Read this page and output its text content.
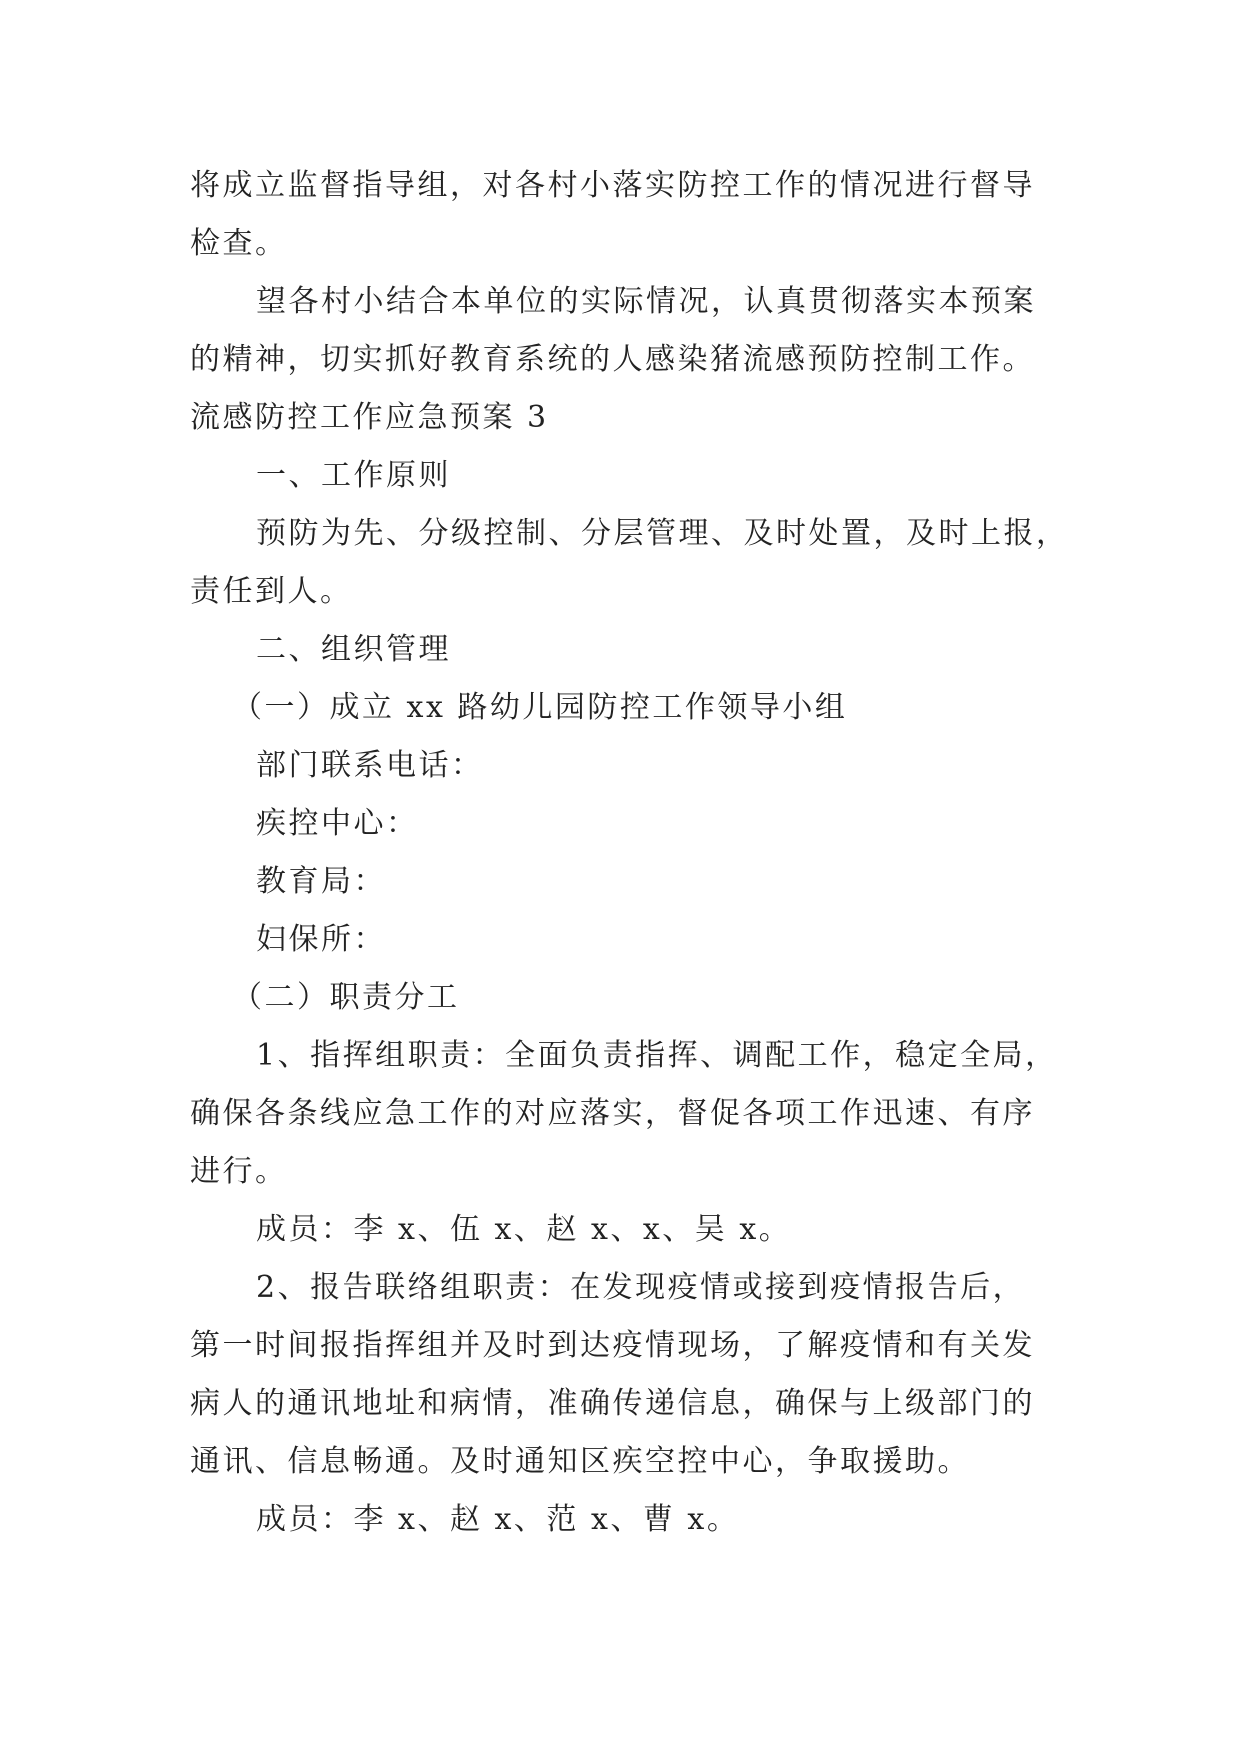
将成立监督指导组，对各村小落实防控工作的情况进行督导
检查。
望各村小结合本单位的实际情况，认真贯彻落实本预案
的精神，切实抓好教育系统的人感染猪流感预防控制工作。
流感防控工作应急预案 3
一、工作原则
预防为先、分级控制、分层管理、及时处置，及时上报，
责任到人。
二、组织管理
（一）成立 xx 路幼儿园防控工作领导小组
部门联系电话：
疾控中心：
教育局：
妇保所：
（二）职责分工
1、指挥组职责：全面负责指挥、调配工作，稳定全局，
确保各条线应急工作的对应落实，督促各项工作迅速、有序
进行。
成员：李 x、伍 x、赵 x、x、吴 x。
2、报告联络组职责：在发现疫情或接到疫情报告后，
第一时间报指挥组并及时到达疫情现场，了解疫情和有关发
病人的通讯地址和病情，准确传递信息，确保与上级部门的
通讯、信息畅通。及时通知区疾空控中心，争取援助。
成员：李 x、赵 x、范 x、曹 x。
